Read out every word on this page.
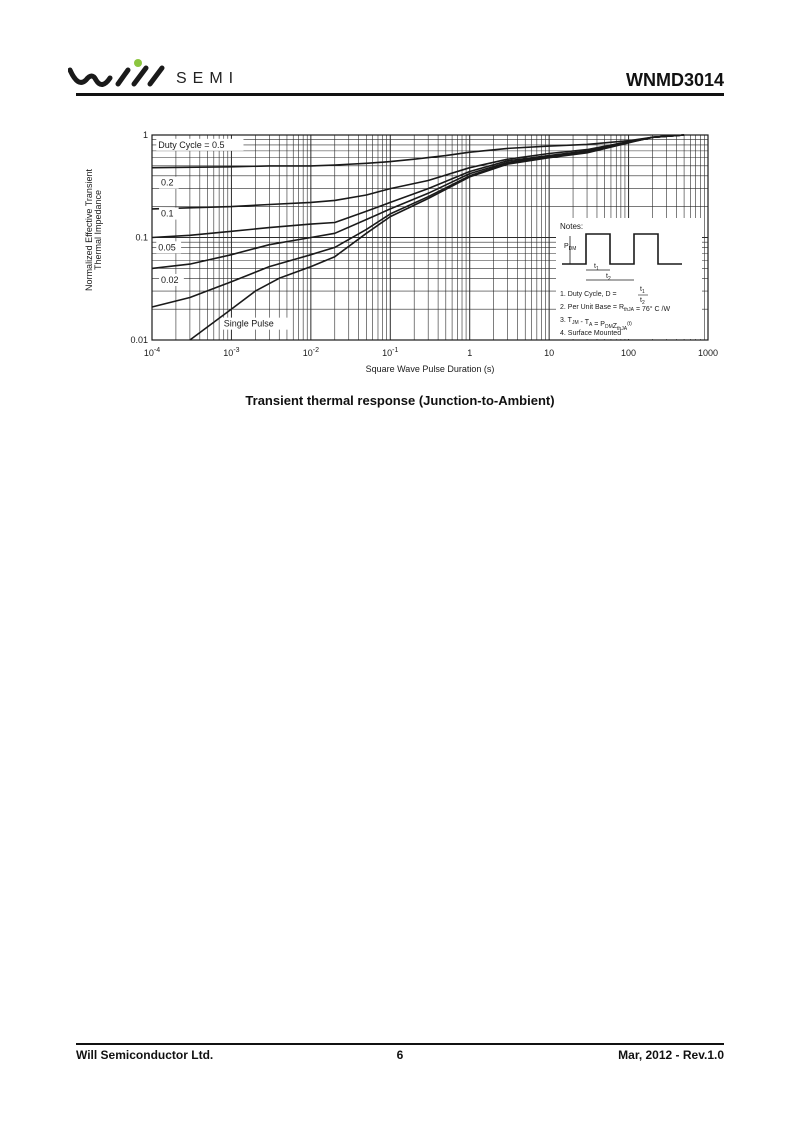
SEMI	WNMD3014
Duty Cycle = 0.5
0.2
0.1
0.05
0.02
Single Pulse
$10^{-4}$	$10^{-3}$	$10^{-2}$	$10^{-1}$	1	10	100	1000
0.01
0.1
1
Square Wave Pulse Duration (s)
Normalized Effective Transient Thermal Impedance	Notes:
$P_{DM}$
$t_1$
$t_2$
1. Duty Cycle, D =
$t_1$
$t_2$
2. Per Unit Base = $R_{thJA} = 76^\circ$ C /W
3. $T_{JM} - T_A = P_{DM}Z_{thJA}^{(t)}$
4. Surface Mounted
Transient thermal response (Junction-to-Ambient)
Will Semiconductor Ltd.	6	Mar, 2012 - Rev.1.0
